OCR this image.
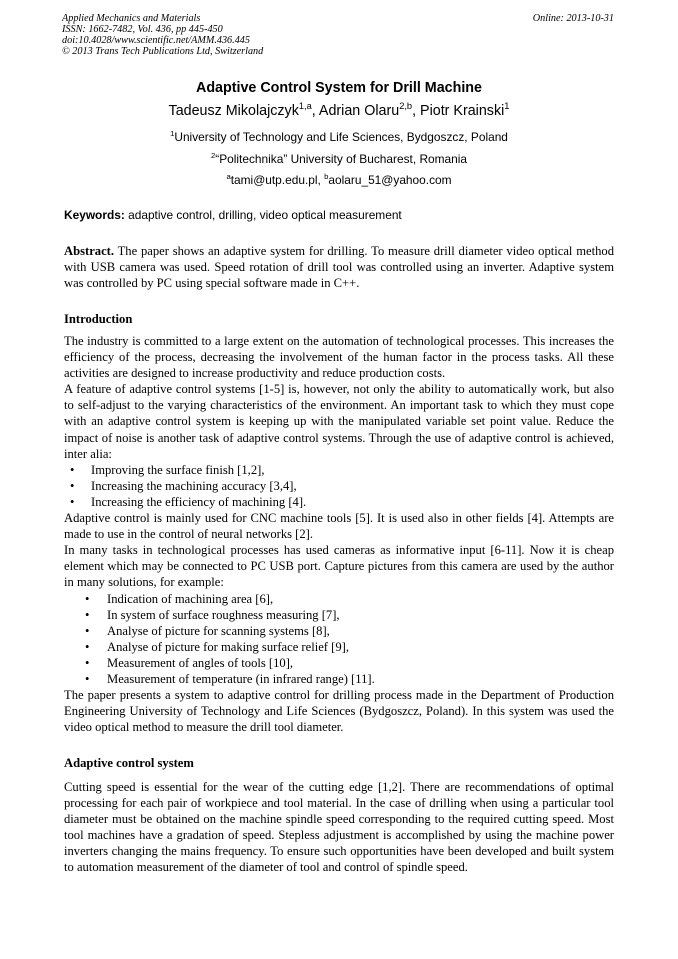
Applied Mechanics and Materials
ISSN: 1662-7482, Vol. 436, pp 445-450
doi:10.4028/www.scientific.net/AMM.436.445
© 2013 Trans Tech Publications Ltd, Switzerland
Online: 2013-10-31
Adaptive Control System for Drill Machine
Tadeusz Mikolajczyk$^{1,a}$, Adrian Olaru$^{2,b}$, Piotr Krainski$^1$
$^1$University of Technology and Life Sciences, Bydgoszcz, Poland
$^2$“Politechnika” University of Bucharest, Romania
$^a$tami@utp.edu.pl, $^b$aolaru_51@yahoo.com
Keywords: adaptive control, drilling, video optical measurement

Abstract. The paper shows an adaptive system for drilling. To measure drill diameter video optical method with USB camera was used. Speed rotation of drill tool was controlled using an inverter. Adaptive system was controlled by PC using special software made in C++.

Introduction

The industry is committed to a large extent on the automation of technological processes. This increases the efficiency of the process, decreasing the involvement of the human factor in the process tasks. All these activities are designed to increase productivity and reduce production costs.

A feature of adaptive control systems [1-5] is, however, not only the ability to automatically work, but also to self-adjust to the varying characteristics of the environment. An important task to which they must cope with an adaptive control system is keeping up with the manipulated variable set point value. Reduce the impact of noise is another task of adaptive control systems. Through the use of adaptive control is achieved, inter alia:

• Improving the surface finish [1,2],
• Increasing the machining accuracy [3,4],
• Increasing the efficiency of machining [4].

Adaptive control is mainly used for CNC machine tools [5]. It is used also in other fields [4]. Attempts are made to use in the control of neural networks [2].

In many tasks in technological processes has used cameras as informative input [6-11]. Now it is cheap element which may be connected to PC USB port. Capture pictures from this camera are used by the author in many solutions, for example:

• Indication of machining area [6],
• In system of surface roughness measuring [7],
• Analyse of picture for scanning systems [8],
• Analyse of picture for making surface relief [9],
• Measurement of angles of tools [10],
• Measurement of temperature (in infrared range) [11].

The paper presents a system to adaptive control for drilling process made in the Department of Production Engineering University of Technology and Life Sciences (Bydgoszcz, Poland). In this system was used the video optical method to measure the drill tool diameter.

Adaptive control system

Cutting speed is essential for the wear of the cutting edge [1,2]. There are recommendations of optimal processing for each pair of workpiece and tool material. In the case of drilling when using a particular tool diameter must be obtained on the machine spindle speed corresponding to the required cutting speed. Most tool machines have a gradation of speed. Stepless adjustment is accomplished by using the machine power inverters changing the mains frequency. To ensure such opportunities have been developed and built system to automation measurement of the diameter of tool and control of spindle speed.
